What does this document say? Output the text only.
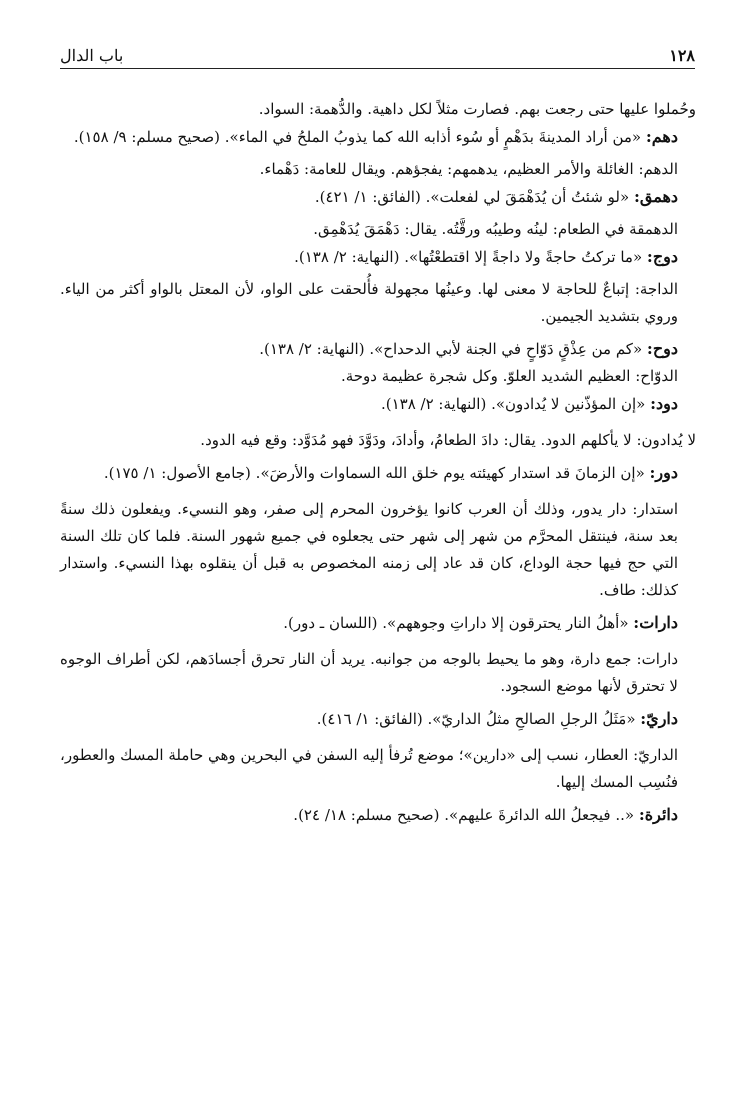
١٢٨
باب الدال

وحُملوا عليها حتى رجعت بهم. فصارت مثلاً لكل داهية. والدُّهمة: السواد.

دهم: «من أراد المدينةَ بدَهْمٍ أو سُوء أذابه الله كما يذوبُ الملحُ في الماء». (صحيح مسلم: ٩/ ١٥٨).

الدهم: الغائلة والأمر العظيم، يدهمهم: يفجؤهم. ويقال للعامة: دَهْماء.

دهمق: «لو شئتُ أن يُدَهْمَقَ لي لفعلت». (الفائق: ١/ ٤٢١).

الدهمقة في الطعام: لينُه وطيبُه ورقَّتُه. يقال: دَهْمَقَ يُدَهْمِق.

دوج: «ما تركتُ حاجةً ولا داجةً إلا اقتطعْتُها». (النهاية: ٢/ ١٣٨).

الداجة: إتباعٌ للحاجة لا معنى لها. وعينُها مجهولة فأُلحقت على الواو، لأن المعتل بالواو أكثر من الياء. وروي بتشديد الجيمين.

دوح: «كم من عِذْقٍ دَوّاحٍ في الجنة لأبي الدحداح». (النهاية: ٢/ ١٣٨).

الدوّاح: العظيم الشديد العلوّ. وكل شجرة عظيمة دوحة.

دود: «إن المؤذّنين لا يُدادون». (النهاية: ٢/ ١٣٨).

لا يُدادون: لا يأكلهم الدود. يقال: دادَ الطعامُ، وأدادَ، ودَوَّدَ فهو مُدَوَّد: وقع فيه الدود.

دور: «إن الزمانَ قد استدار كهيئته يوم خلق الله السماوات والأرضَ». (جامع الأصول: ١/ ١٧٥).

استدار: دار يدور، وذلك أن العرب كانوا يؤخرون المحرم إلى صفر، وهو النسيء. ويفعلون ذلك سنةً بعد سنة، فينتقل المحرَّم من شهر إلى شهر حتى يجعلوه في جميع شهور السنة. فلما كان تلك السنة التي حج فيها حجة الوداع، كان قد عاد إلى زمنه المخصوص به قبل أن ينقلوه بهذا النسيء. واستدار كذلك: طاف.

دارات: «أهلُ النار يحترقون إلا داراتِ وجوههم». (اللسان ـ دور).

دارات: جمع دارة، وهو ما يحيط بالوجه من جوانبه. يريد أن النار تحرق أجسادَهم، لكن أطراف الوجوه لا تحترق لأنها موضع السجود.

داريّ: «مَثَلُ الرجلِ الصالحِ مثلُ الداريّ». (الفائق: ١/ ٤١٦).

الداريّ: العطار، نسب إلى «دارين»؛ موضع تُرفأ إليه السفن في البحرين وهي حاملة المسك والعطور، فنُسِب المسك إليها.

دائرة: «.. فيجعلُ الله الدائرةَ عليهم». (صحيح مسلم: ١٨/ ٢٤).
